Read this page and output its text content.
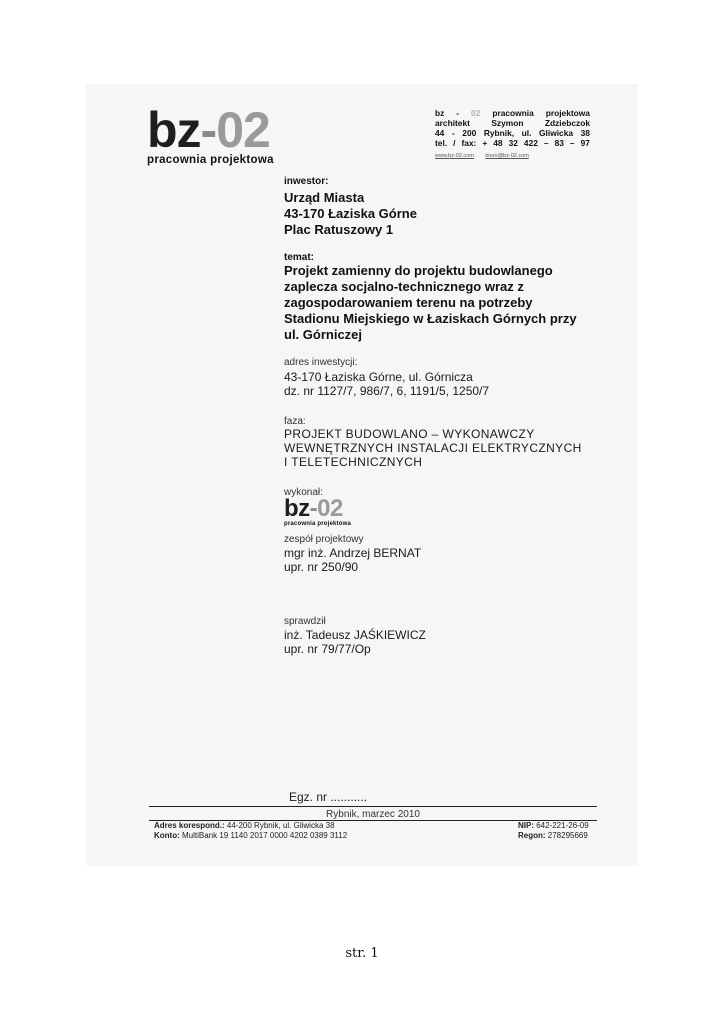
bz-02
pracownia projektowa
bz - 02 pracownia projektowa
architekt	Szymon	Zdziebczok
44 - 200 Rybnik, ul. Gliwicka 38
tel. / fax: + 48 32 422 – 83 – 97
www.bz-02.com biuro@bz-02.com
inwestor:
Urząd Miasta
43-170 Łaziska Górne
Plac Ratuszowy 1
temat:
Projekt zamienny do projektu budowlanego
zaplecza socjalno-technicznego wraz z
zagospodarowaniem terenu na potrzeby
Stadionu Miejskiego w Łaziskach Górnych przy
ul. Górniczej
adres inwestycji:
43-170 Łaziska Górne, ul. Górnicza
dz. nr 1127/7, 986/7, 6, 1191/5, 1250/7
faza:
PROJEKT BUDOWLANO – WYKONAWCZY
WEWNĘTRZNYCH INSTALACJI ELEKTRYCZNYCH
I TELETECHNICZNYCH
wykonał:
bz-02
pracownia projektowa
zespół projektowy
mgr inż. Andrzej BERNAT
upr. nr 250/90
sprawdził
inż. Tadeusz JAŚKIEWICZ
upr. nr 79/77/Op
Egz. nr ...........
Rybnik, marzec 2010
Adres korespond.: 44-200 Rybnik, ul. Gliwicka 38
Konto: MultiBank 19 1140 2017 0000 4202 0389 3112
NIP: 642-221-26-09
Regon: 278295669
str. 1
